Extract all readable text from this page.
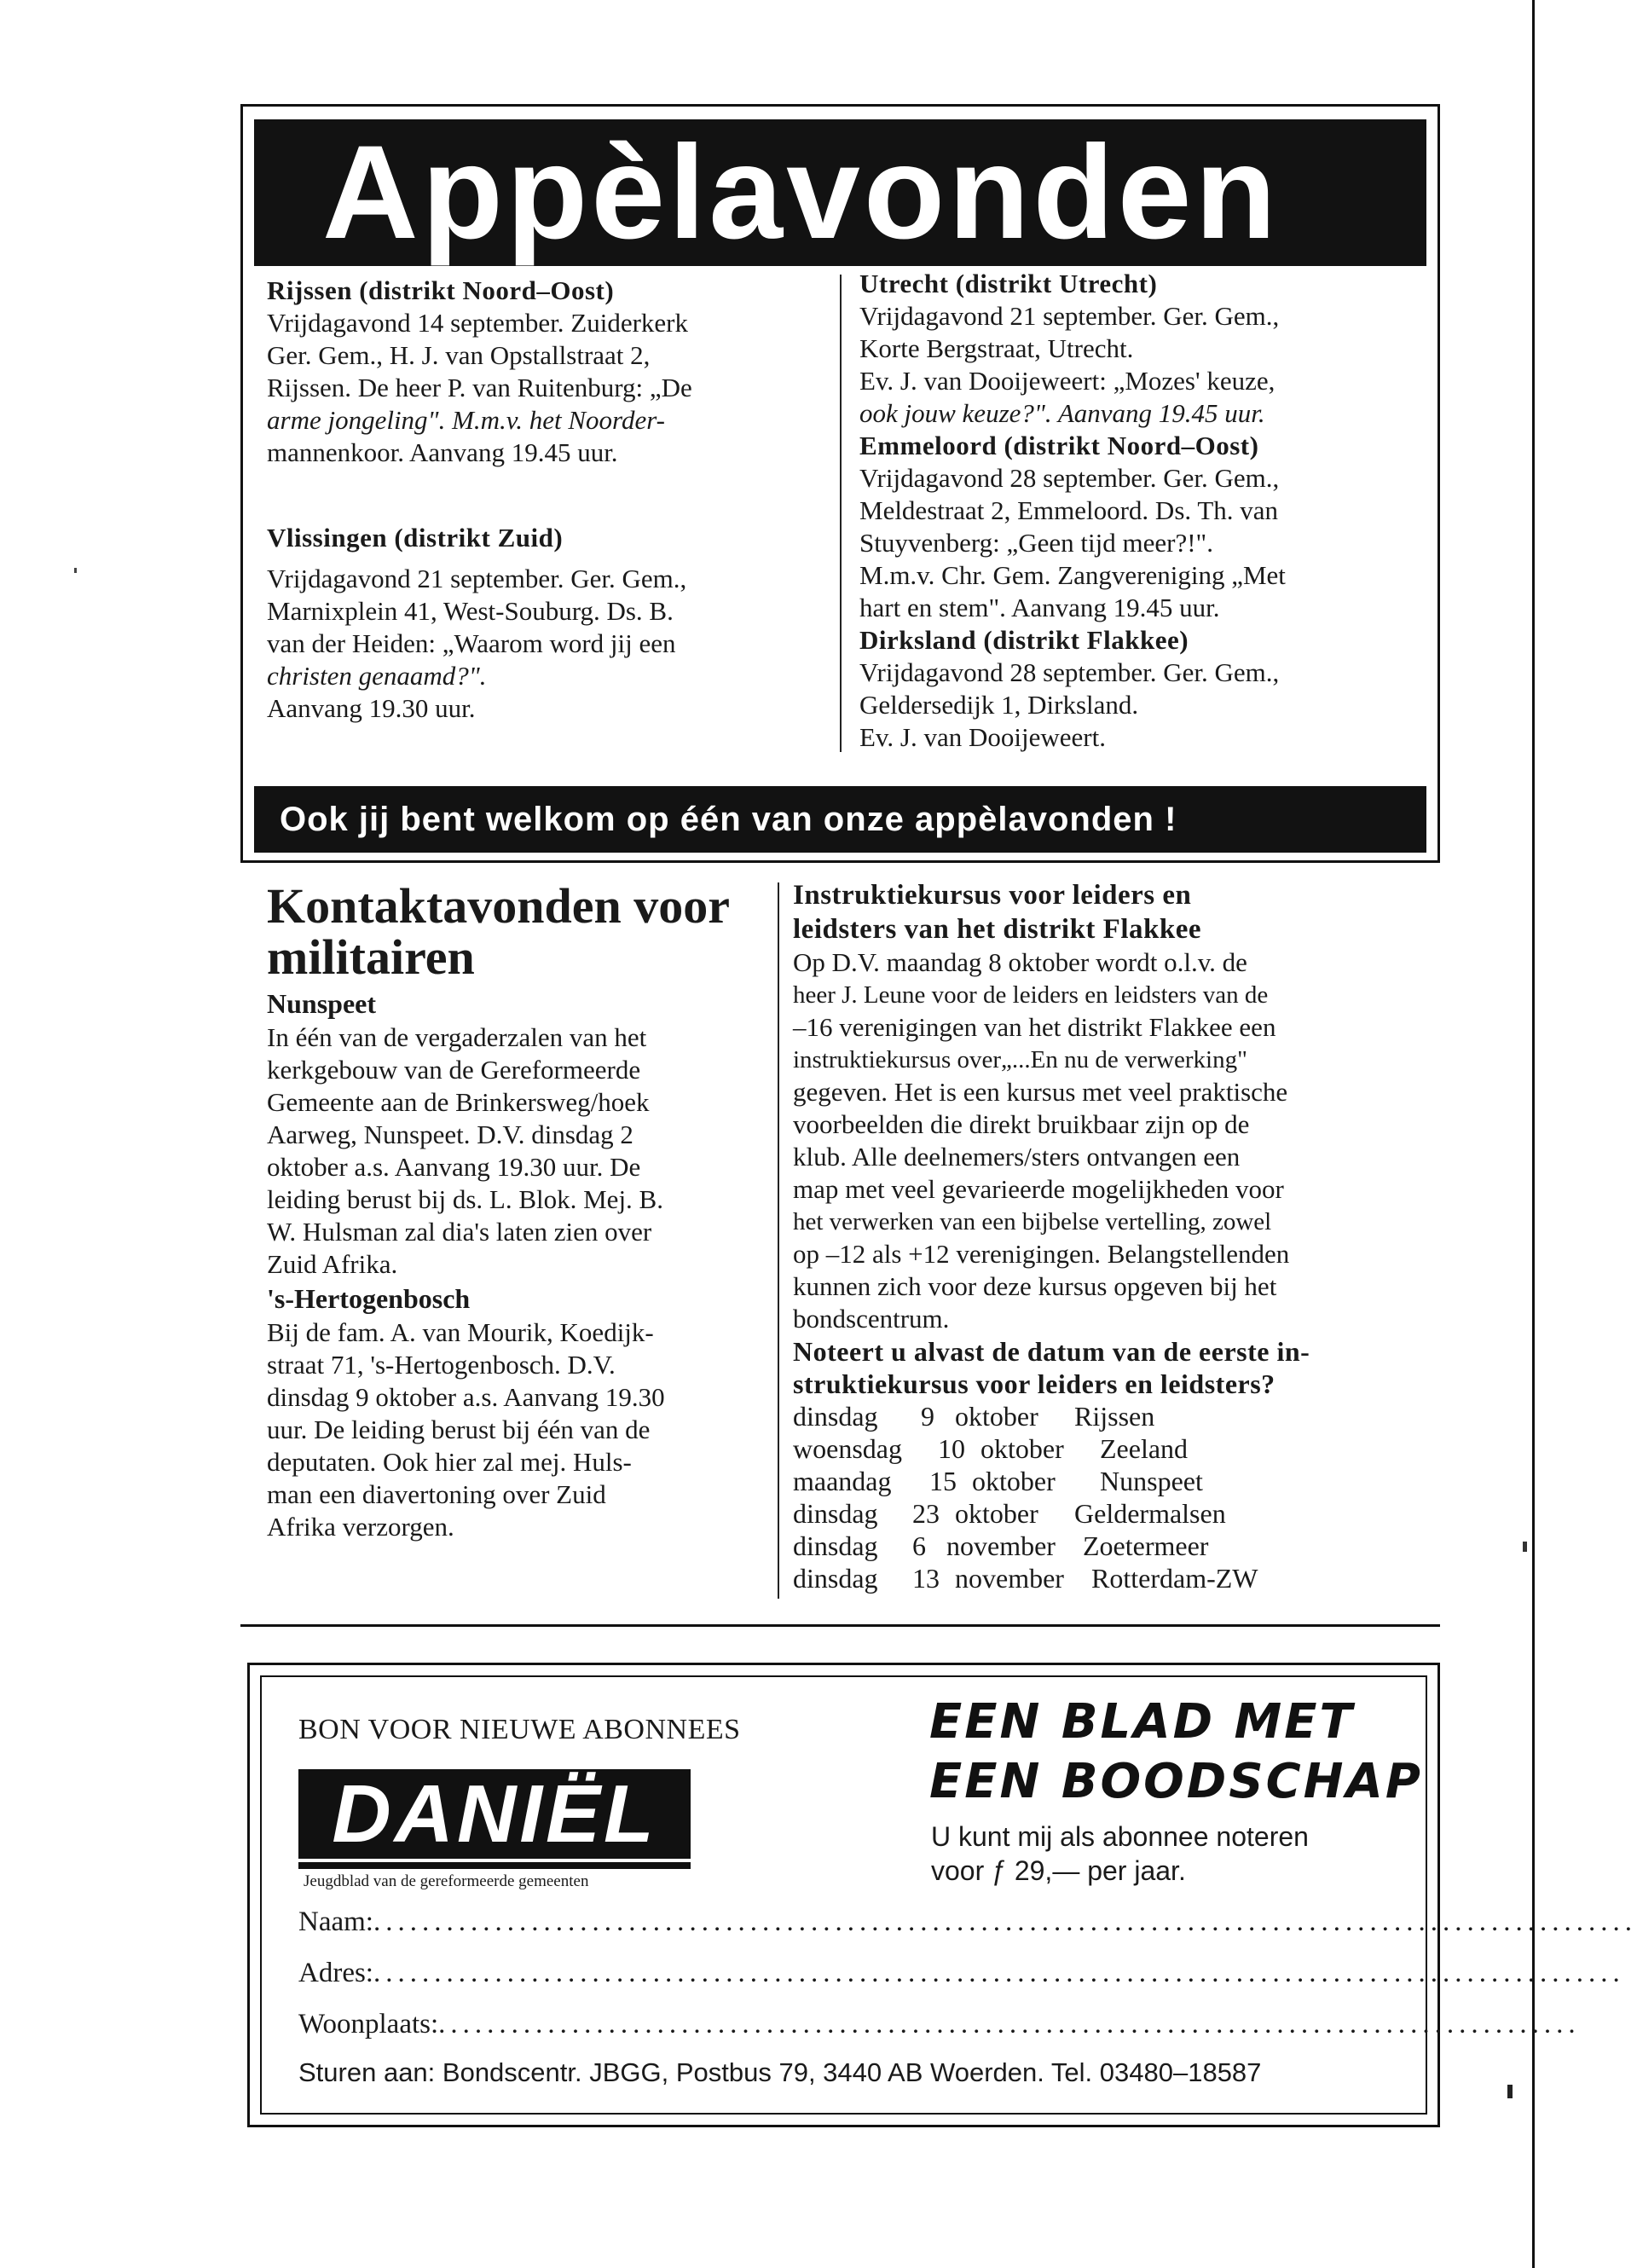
Appèlavonden

Rijssen (distrikt Noord–Oost)

Vrijdagavond 14 september. Zuiderkerk

Ger. Gem., H. J. van Opstallstraat 2,

Rijssen. De heer P. van Ruitenburg: „De

arme jongeling". M.m.v. het Noorder-

mannenkoor. Aanvang 19.45 uur.

Vlissingen (distrikt Zuid)

Vrijdagavond 21 september. Ger. Gem.,

Marnixplein 41, West-Souburg. Ds. B.

van der Heiden: „Waarom word jij een

christen genaamd?".

Aanvang 19.30 uur.

Utrecht (distrikt Utrecht)

Vrijdagavond 21 september. Ger. Gem.,

Korte Bergstraat, Utrecht.

Ev. J. van Dooijeweert: „Mozes' keuze,

ook jouw keuze?". Aanvang 19.45 uur.

Emmeloord (distrikt Noord–Oost)

Vrijdagavond 28 september. Ger. Gem.,

Meldestraat 2, Emmeloord. Ds. Th. van

Stuyvenberg: „Geen tijd meer?!".

M.m.v. Chr. Gem. Zangvereniging „Met

hart en stem". Aanvang 19.45 uur.

Dirksland (distrikt Flakkee)

Vrijdagavond 28 september. Ger. Gem.,

Geldersedijk 1, Dirksland.

Ev. J. van Dooijeweert.

Ook jij bent welkom op één van onze appèlavonden !

Kontaktavonden voor

militairen

Nunspeet

In één van de vergaderzalen van het

kerkgebouw van de Gereformeerde

Gemeente aan de Brinkersweg/hoek

Aarweg, Nunspeet. D.V. dinsdag 2

oktober a.s. Aanvang 19.30 uur. De

leiding berust bij ds. L. Blok. Mej. B.

W. Hulsman zal dia's laten zien over

Zuid Afrika.

's-Hertogenbosch

Bij de fam. A. van Mourik, Koedijk-

straat 71, 's-Hertogenbosch. D.V.

dinsdag 9 oktober a.s. Aanvang 19.30

uur. De leiding berust bij één van de

deputaten. Ook hier zal mej. Huls-

man een diavertoning over Zuid

Afrika verzorgen.

Instruktiekursus voor leiders en

leidsters van het distrikt Flakkee

Op D.V. maandag 8 oktober wordt o.l.v. de

heer J. Leune voor de leiders en leidsters van de

–16 verenigingen van het distrikt Flakkee een

instruktiekursus over„...En nu de verwerking"

gegeven. Het is een kursus met veel praktische

voorbeelden die direkt bruikbaar zijn op de

klub. Alle deelnemers/sters ontvangen een

map met veel gevarieerde mogelijkheden voor

het verwerken van een bijbelse vertelling, zowel

op –12 als +12 verenigingen. Belangstellenden

kunnen zich voor deze kursus opgeven bij het

bondscentrum.

Noteert u alvast de datum van de eerste in-

struktiekursus voor leiders en leidsters?

dinsdag	9 oktober	Rijssen
woensdag	10 oktober	Zeeland
maandag	15 oktober	Nunspeet
dinsdag	23 oktober	Geldermalsen
dinsdag	6 november	Zoetermeer
dinsdag	13 november	Rotterdam-ZW
BON VOOR NIEUWE ABONNEES
DANIËL
Jeugdblad van de gereformeerde gemeenten
EEN BLAD MET
EEN BOODSCHAP
U kunt mij als abonnee noteren
voor ƒ 29,— per jaar.
Naam:........................................................................................................
Adres:.......................................................................................................
Woonplaats:..............................................................................................
Sturen aan: Bondscentr. JBGG, Postbus 79, 3440 AB Woerden. Tel. 03480–18587
